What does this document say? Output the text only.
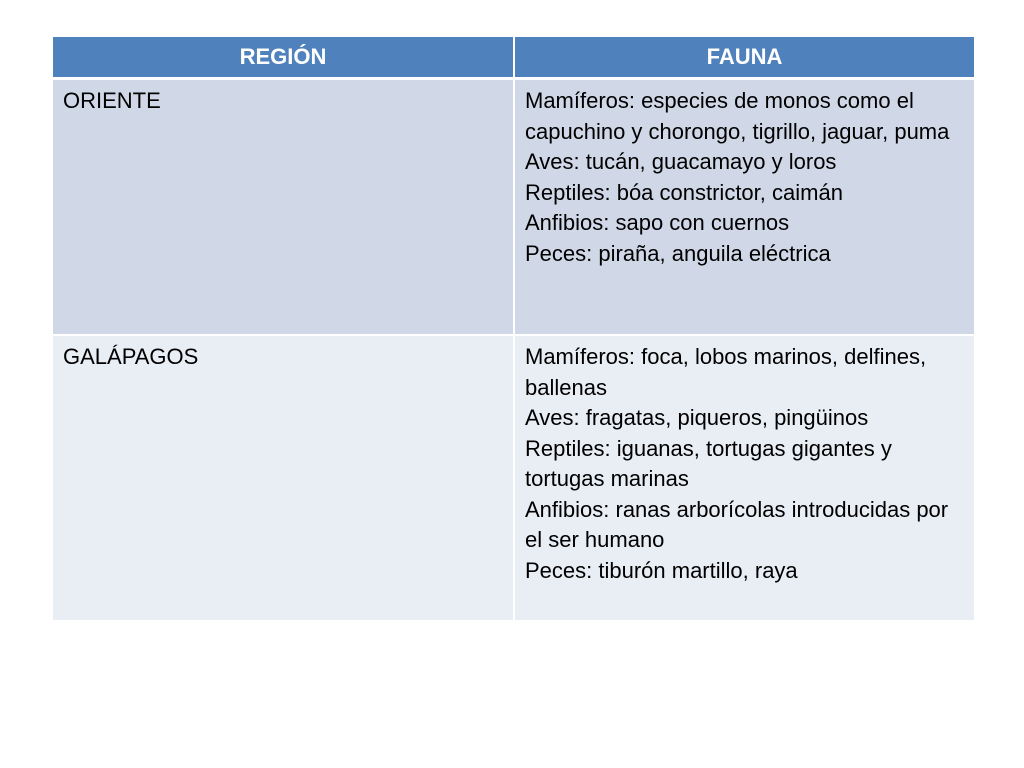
REGIÓN	FAUNA
ORIENTE	Mamíferos: especies de monos como el capuchino y chorongo, tigrillo, jaguar, puma
Aves: tucán, guacamayo y loros
Reptiles: bóa constrictor, caimán
Anfibios: sapo con cuernos
Peces: piraña, anguila eléctrica

GALÁPAGOS	Mamíferos: foca, lobos marinos, delfines, ballenas
Aves: fragatas, piqueros, pingüinos
Reptiles: iguanas, tortugas gigantes y tortugas marinas
Anfibios: ranas arborícolas introducidas por el ser humano
Peces: tiburón martillo, raya
